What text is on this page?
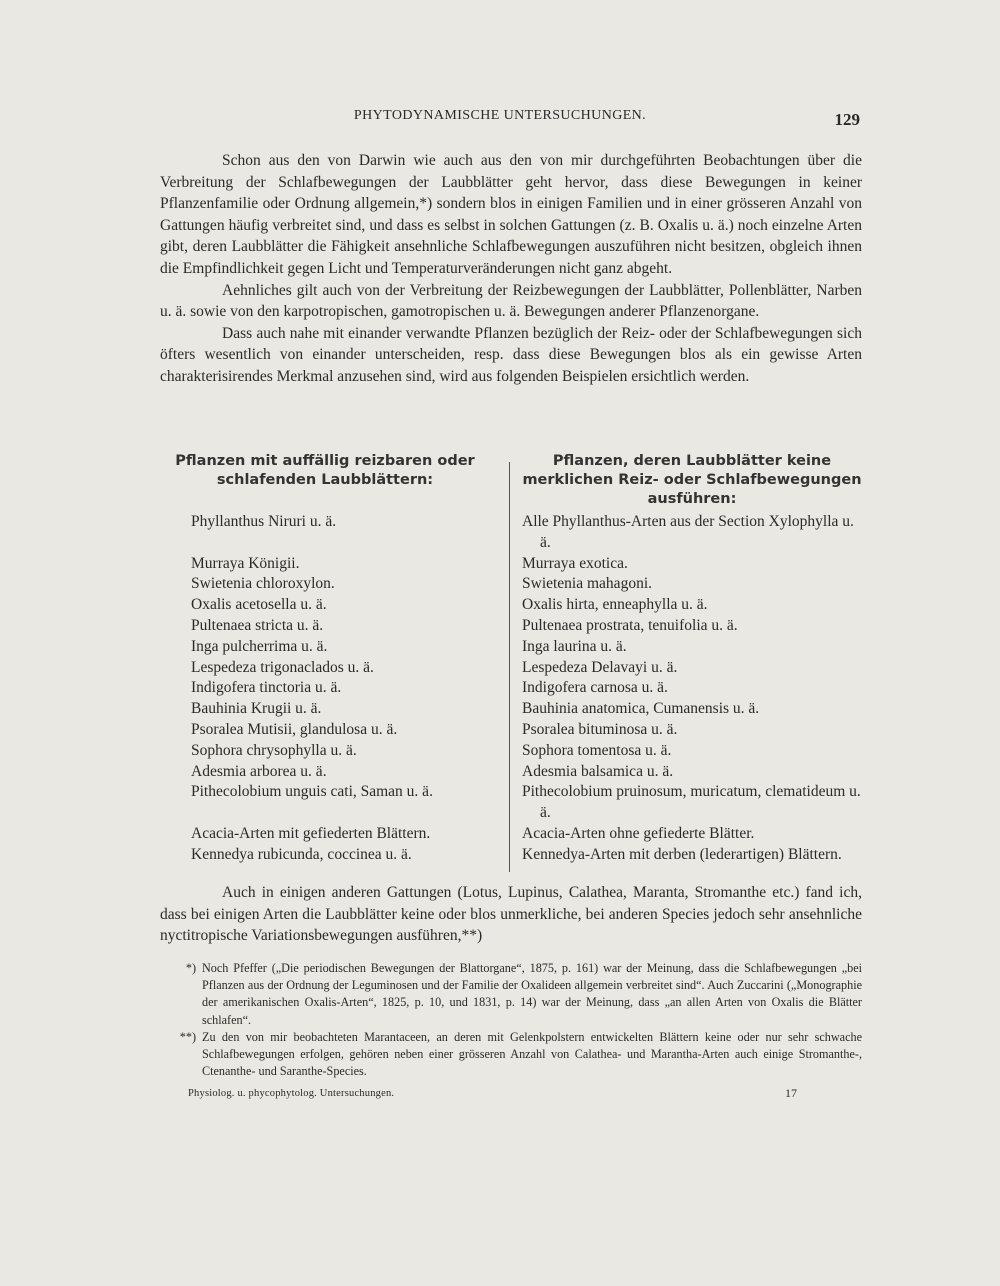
PHYTODYNAMISCHE UNTERSUCHUNGEN.	129

Schon aus den von Darwin wie auch aus den von mir durchgeführten Beobachtungen über die Verbreitung der Schlafbewegungen der Laubblätter geht hervor, dass diese Bewegungen in keiner Pflanzenfamilie oder Ordnung allgemein,*) sondern blos in einigen Familien und in einer grösseren Anzahl von Gattungen häufig verbreitet sind, und dass es selbst in solchen Gattungen (z. B. Oxalis u. ä.) noch einzelne Arten gibt, deren Laubblätter die Fähigkeit ansehnliche Schlafbewegungen auszuführen nicht besitzen, obgleich ihnen die Empfindlichkeit gegen Licht und Temperaturveränderungen nicht ganz abgeht.

Aehnliches gilt auch von der Verbreitung der Reizbewegungen der Laubblätter, Pollenblätter, Narben u. ä. sowie von den karpotropischen, gamotropischen u. ä. Bewegungen anderer Pflanzenorgane.

Dass auch nahe mit einander verwandte Pflanzen bezüglich der Reiz- oder der Schlafbewegungen sich öfters wesentlich von einander unterscheiden, resp. dass diese Bewegungen blos als ein gewisse Arten charakterisirendes Merkmal anzusehen sind, wird aus folgenden Beispielen ersichtlich werden.

Pflanzen mit auffällig reizbaren oder schlafenden Laubblättern:
Phyllanthus Niruri u. ä.
Murraya Königii.
Swietenia chloroxylon.
Oxalis acetosella u. ä.
Pultenaea stricta u. ä.
Inga pulcherrima u. ä.
Lespedeza trigonaclados u. ä.
Indigofera tinctoria u. ä.
Bauhinia Krugii u. ä.
Psoralea Mutisii, glandulosa u. ä.
Sophora chrysophylla u. ä.
Adesmia arborea u. ä.
Pithecolobium unguis cati, Saman u. ä.
Acacia-Arten mit gefiederten Blättern.
Kennedya rubicunda, coccinea u. ä.
Pflanzen, deren Laubblätter keine merklichen Reiz- oder Schlafbewegungen ausführen:
Alle Phyllanthus-Arten aus der Section Xylophylla u. ä.
Murraya exotica.
Swietenia mahagoni.
Oxalis hirta, enneaphylla u. ä.
Pultenaea prostrata, tenuifolia u. ä.
Inga laurina u. ä.
Lespedeza Delavayi u. ä.
Indigofera carnosa u. ä.
Bauhinia anatomica, Cumanensis u. ä.
Psoralea bituminosa u. ä.
Sophora tomentosa u. ä.
Adesmia balsamica u. ä.
Pithecolobium pruinosum, muricatum, clematideum u. ä.
Acacia-Arten ohne gefiederte Blätter.
Kennedya-Arten mit derben (lederartigen) Blättern.

Auch in einigen anderen Gattungen (Lotus, Lupinus, Calathea, Maranta, Stromanthe etc.) fand ich, dass bei einigen Arten die Laubblätter keine oder blos unmerkliche, bei anderen Species jedoch sehr ansehnliche nyctitropische Variationsbewegungen ausführen,**)

*) Noch Pfeffer („Die periodischen Bewegungen der Blattorgane“, 1875, p. 161) war der Meinung, dass die Schlafbewegungen „bei Pflanzen aus der Ordnung der Leguminosen und der Familie der Oxalideen allgemein verbreitet sind“. Auch Zuccarini („Monographie der amerikanischen Oxalis-Arten“, 1825, p. 10, und 1831, p. 14) war der Meinung, dass „an allen Arten von Oxalis die Blätter schlafen“.
**) Zu den von mir beobachteten Marantaceen, an deren mit Gelenkpolstern entwickelten Blättern keine oder nur sehr schwache Schlafbewegungen erfolgen, gehören neben einer grösseren Anzahl von Calathea- und Marantha-Arten auch einige Stromanthe-, Ctenanthe- und Saranthe-Species.
Physiolog. u. phycophytolog. Untersuchungen.	17
